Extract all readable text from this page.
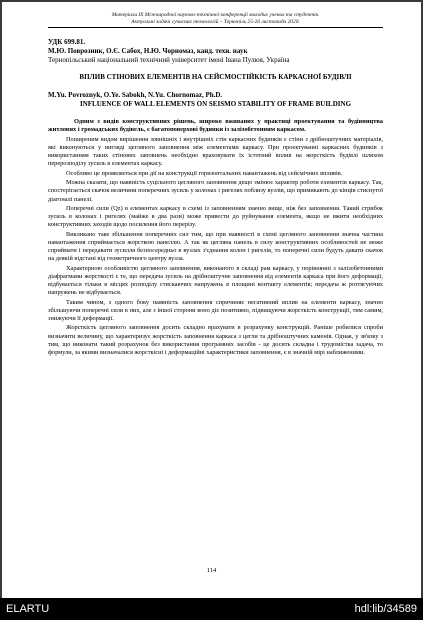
Матеріали IX Міжнародної науково-технічної конференції молодих учених та студентів.
Актуальні задачі сучасних технологій – Тернопіль 25-26 листопада 2020.
УДК 699.81.
М.Ю. Поврозник, О.Є. Сабох, Н.Ю. Чорномаз, канд. техн. наук
Тернопільський національний технічний університет імені Івана Пулюя, Україна
ВПЛИВ СТІНОВИХ ЕЛЕМЕНТІВ НА СЕЙСМОСТІЙКІСТЬ КАРКАСНОЇ БУДІВЛІ
M.Yu. Povroznyk, O.Ye. Sabokh, N.Yu. Chornomaz, Ph.D.
INFLUENCE OF WALL ELEMENTS ON SEISMO STABILITY OF FRAME BUILDING

Одним з видів конструктивних рішень, широко вживаних у практиці проектування та будівництва житлових і громадських будівель, є багатоповерхові будинки із залізобетонним каркасом.

Поширеним видом вирішення зовнішніх і внутрішніх стін каркасних будинків є стіни з дрібноштучних матеріалів, які виконуються у вигляді цегляного заповнення між елементами каркасу. При проектуванні каркасних будинків з використанням таких стінових заповнень необхідно враховувати їх істотний вплив на жорсткість будівлі шляхом перерозподілу зусиль в елементах каркасу.

Особливо це проявляється при дії на конструкції горизонтальних навантажень від сейсмічних впливів.

Можна сказати, що наявність суцільного цегляного заповнення дещо змінює характер роботи елементів каркасу. Так, спостерігається скачок величини поперечних зусиль у колонах і ригелях поблизу вузлів, що примикають до кінців стиснутої діагоналі панелі.

Поперечні сили (Qz) в елементах каркасу в схемі із заповненням значно вище, ніж без заповнення. Такий стрибок зусиль в колонах і ригелях (майже в два рази) може привести до руйнування елемента, якщо не вжити необхідних конструктивних заходів щодо посилення його перерізу.

Викликано таке збільшення поперечних сил тим, що при наявності в схемі цегляного заповнення значна частина навантаження сприймається жорсткою панеллю. А так як цегляна панель в силу конструктивних особливостей не може сприймати і передавати зусилля безпосередньо в вузлах з'єднання колон і ригелів, то поперечні сили будуть давати скачок на деякій відстані від геометричного центру вузла.

Характерною особливістю цегляного заповнення, виконаного в складі рам каркасу, у порівнянні з залізобетонними діафрагмами жорсткості є те, що передача зусиль на дрібноштучне заповнення від елементів каркаса при його деформації, відбувається тільки в місцях розподілу стискаючих напружень в площині контакту елементів; передача ж розтягуючих напружень не відбувається.

Таким чином, з одного боку наявність заповнення спричиняє негативний вплив на елементи каркасу, значно збільшуючи поперечні сили в них, але з іншої сторони воно діє позитивно, підвищуючи жорсткість конструкції, тим самим, знижуючи її деформації.

Жорсткість цегляного заповнення досить складно врахувати в розрахунку конструкцій. Раніше робилися спроби визначити величину, що характеризує жорсткість заповнення каркаса з цегли та дрібноштучних каменів. Однак, у зв'язку з тим, що виконати такий розрахунок без використання програмних засобів - це досить складна і трудомістка задача, то формули, за якими визначалися жорсткісні і деформаційні характеристики заповнення, є в значній мірі наближеними.

114
ELARTU	hdl:lib/34589
